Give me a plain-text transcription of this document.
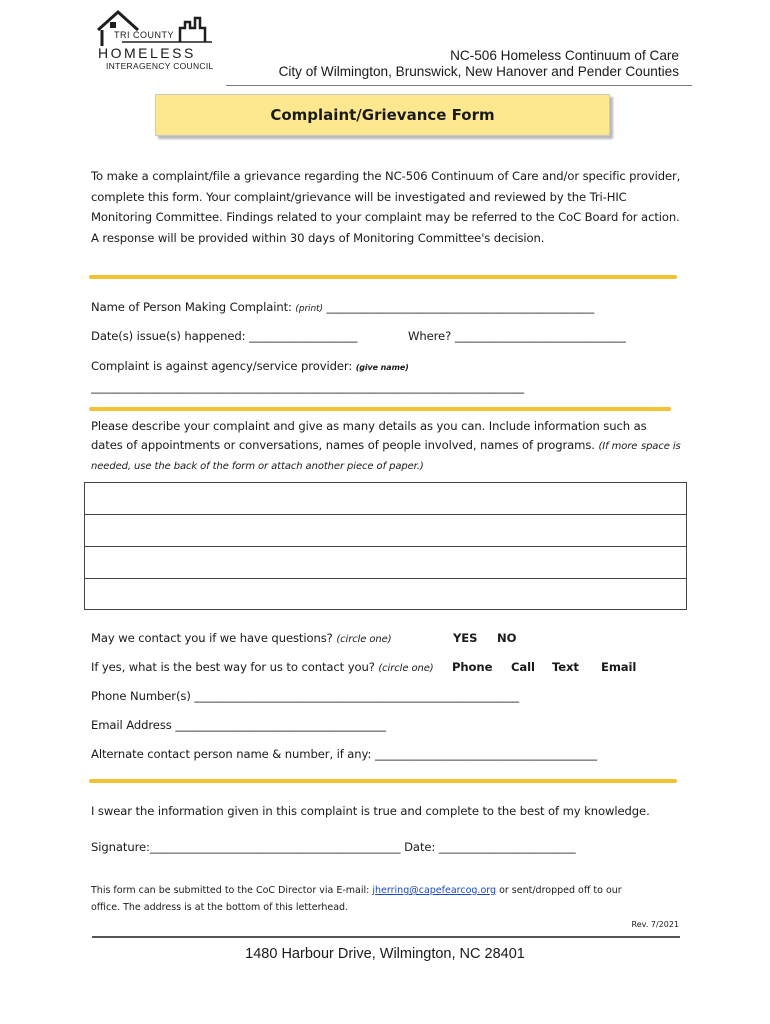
TRI COUNTY
HOMELESS
INTERAGENCY COUNCIL
NC-506 Homeless Continuum of Care
City of Wilmington, Brunswick, New Hanover and Pender Counties
Complaint/Grievance Form
To make a complaint/file a grievance regarding the NC-506 Continuum of Care and/or specific provider, complete this form. Your complaint/grievance will be investigated and reviewed by the Tri-HIC Monitoring Committee. Findings related to your complaint may be referred to the CoC Board for action. A response will be provided within 30 days of Monitoring Committee's decision.
Name of Person Making Complaint: (print) _______________________________________________
Date(s) issue(s) happened: ___________________	Where? ______________________________
Complaint is against agency/service provider: (give name)
____________________________________________________________________________
Please describe your complaint and give as many details as you can. Include information such as dates of appointments or conversations, names of people involved, names of programs. (If more space is needed, use the back of the form or attach another piece of paper.)
May we contact you if we have questions? (circle one)	YES NO
If yes, what is the best way for us to contact you? (circle one) Phone Call Text Email
Phone Number(s) _________________________________________________________
Email Address _____________________________________
Alternate contact person name & number, if any: _______________________________________
I swear the information given in this complaint is true and complete to the best of my knowledge.
Signature:____________________________________________ Date: ________________________
This form can be submitted to the CoC Director via E-mail: jherring@capefearcog.org or sent/dropped off to our
office. The address is at the bottom of this letterhead.
Rev. 7/2021
1480 Harbour Drive, Wilmington, NC 28401
